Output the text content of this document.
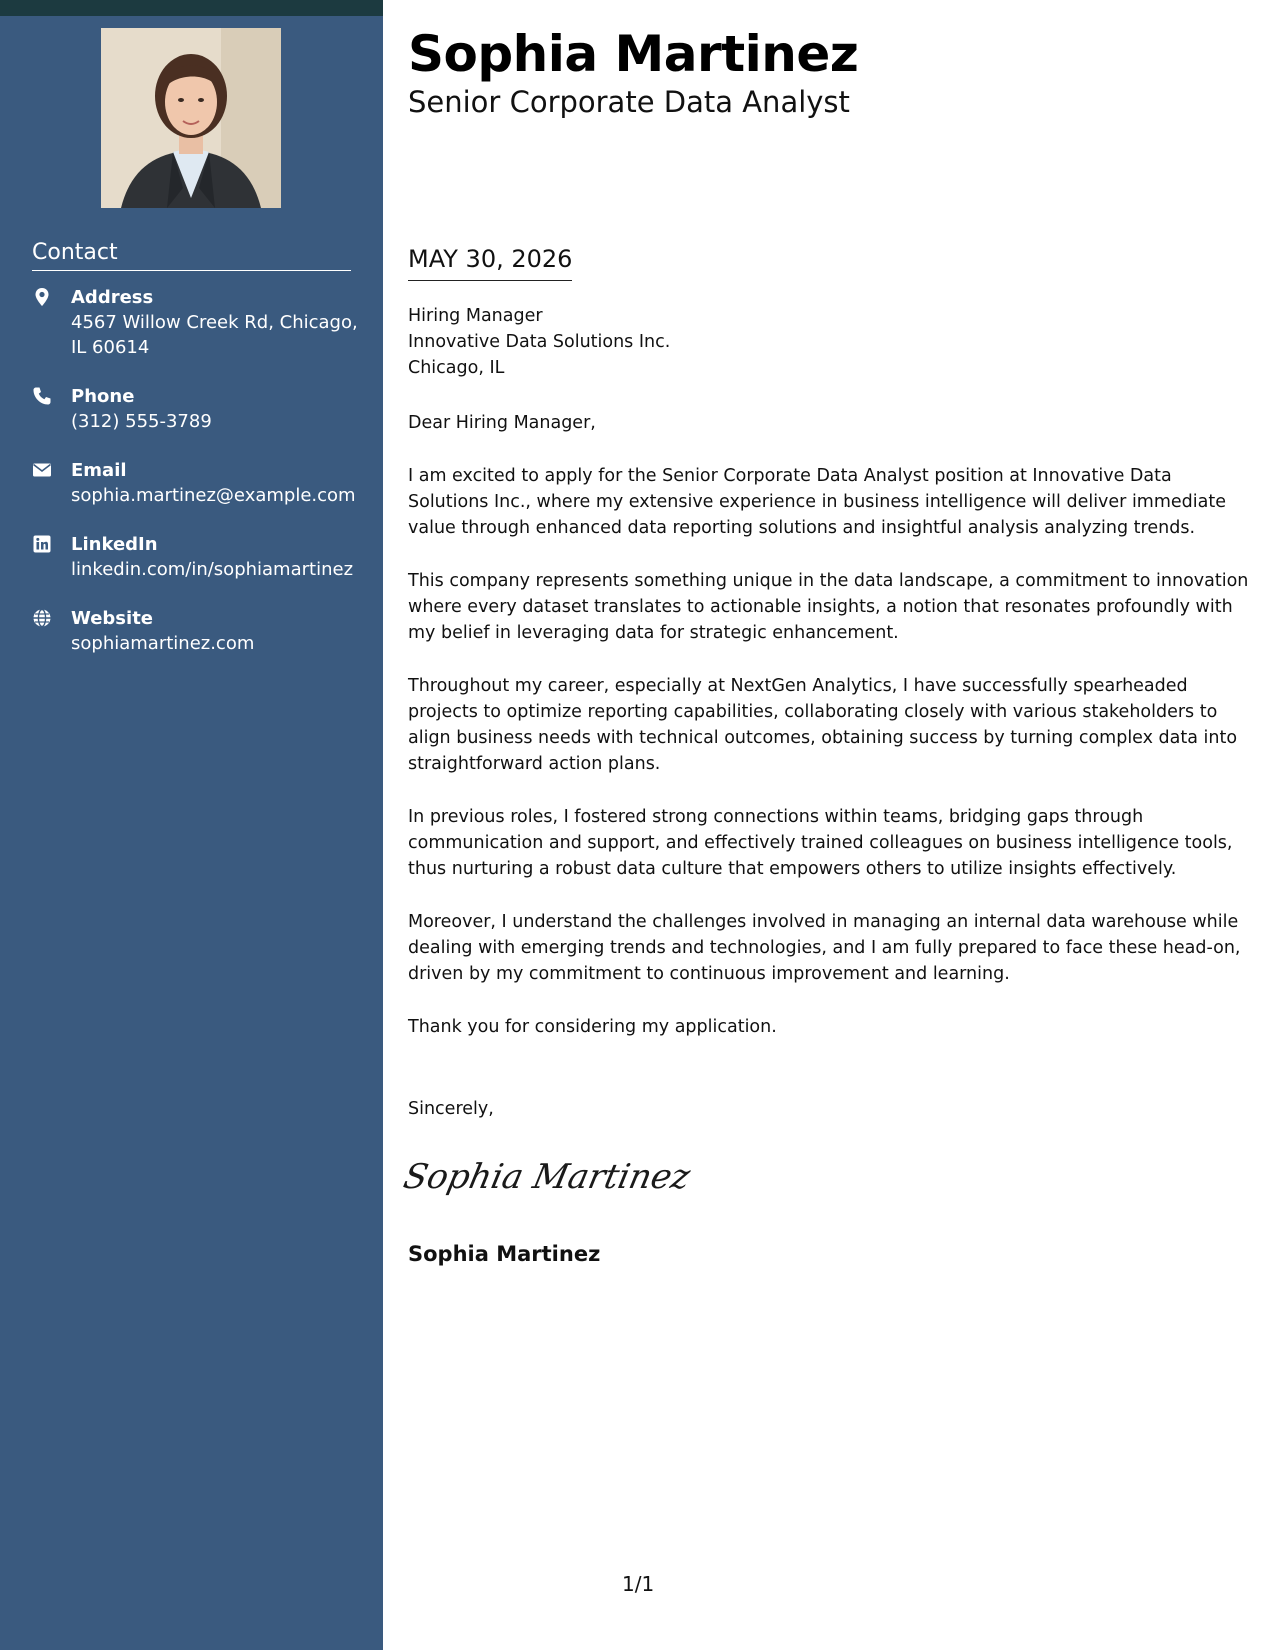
Contact
Address
4567 Willow Creek Rd, Chicago,
IL 60614
Phone
(312) 555-3789
Email
sophia.martinez@example.com
LinkedIn
linkedin.com/in/sophiamartinez
Website
sophiamartinez.com
Sophia Martinez
Senior Corporate Data Analyst
MAY 30, 2026
Hiring Manager
Innovative Data Solutions Inc.
Chicago, IL

Dear Hiring Manager,

I am excited to apply for the Senior Corporate Data Analyst position at Innovative Data Solutions Inc., where my extensive experience in business intelligence will deliver immediate value through enhanced data reporting solutions and insightful analysis analyzing trends.

This company represents something unique in the data landscape, a commitment to innovation where every dataset translates to actionable insights, a notion that resonates profoundly with my belief in leveraging data for strategic enhancement.

Throughout my career, especially at NextGen Analytics, I have successfully spearheaded projects to optimize reporting capabilities, collaborating closely with various stakeholders to align business needs with technical outcomes, obtaining success by turning complex data into straightforward action plans.

In previous roles, I fostered strong connections within teams, bridging gaps through communication and support, and effectively trained colleagues on business intelligence tools, thus nurturing a robust data culture that empowers others to utilize insights effectively.

Moreover, I understand the challenges involved in managing an internal data warehouse while dealing with emerging trends and technologies, and I am fully prepared to face these head-on, driven by my commitment to continuous improvement and learning.

Thank you for considering my application.

Sincerely,
Sophia Martinez
Sophia Martinez
1/1
